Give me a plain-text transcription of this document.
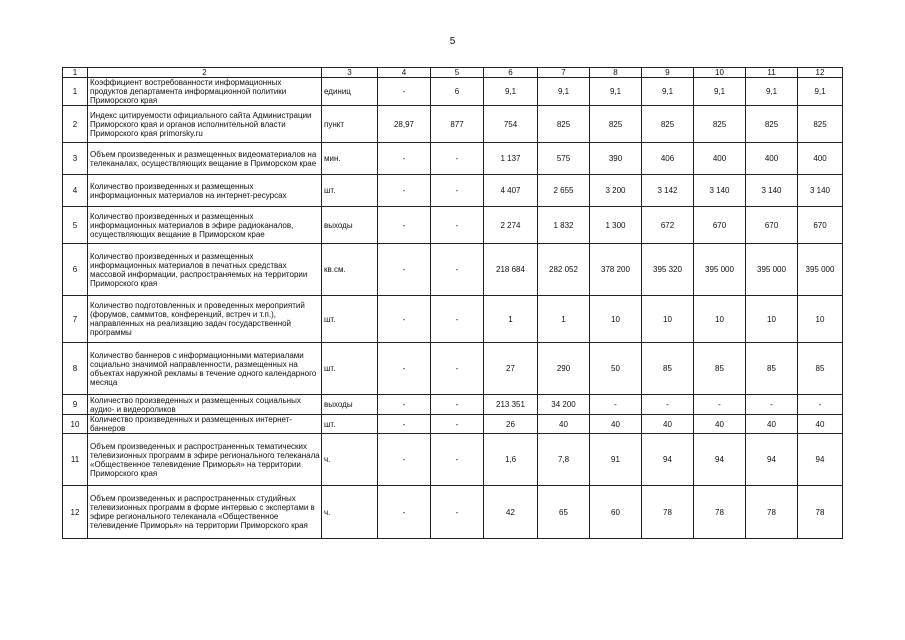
5
1	2	3	4	5	6	7	8	9	10	11	12
1	Коэффициент востребованности информационных продуктов департамента информационной политики Приморского края	единиц	-	6	9,1	9,1	9,1	9,1	9,1	9,1	9,1
2	Индекс цитируемости официального сайта Администрации Приморского края и органов исполнительной власти Приморского края primorsky.ru	пункт	28,97	877	754	825	825	825	825	825	825
3	Объем произведенных и размещенных видеоматериалов на телеканалах, осуществляющих вещание в Приморском крае	мин.	-	-	1 137	575	390	406	400	400	400
4	Количество произведенных и размещенных информационных материалов на интернет-ресурсах	шт.	-	-	4 407	2 655	3 200	3 142	3 140	3 140	3 140
5	Количество произведенных и размещенных информационных материалов в эфире радиоканалов, осуществляющих вещание в Приморском крае	выходы	-	-	2 274	1 832	1 300	672	670	670	670
6	Количество произведенных и размещенных информационных материалов в печатных средствах массовой информации, распространяемых на территории Приморского края	кв.см.	-	-	218 684	282 052	378 200	395 320	395 000	395 000	395 000
7	Количество подготовленных и проведенных мероприятий (форумов, саммитов, конференций, встреч и т.п.), направленных на реализацию задач государственной программы	шт.	-	-	1	1	10	10	10	10	10
8	Количество баннеров с информационными материалами социально значимой направленности, размещенных на объектах наружной рекламы в течение одного календарного месяца	шт.	-	-	27	290	50	85	85	85	85
9	Количество произведенных и размещенных социальных аудио- и видеороликов	выходы	-	-	213 351	34 200	-	-	-	-	-
10	Количество произведенных и размещенных интернет-баннеров	шт.	-	-	26	40	40	40	40	40	40
11	Объем произведенных и распространенных тематических телевизионных программ в эфире регионального телеканала «Общественное телевидение Приморья» на территории Приморского края	ч.	-	-	1,6	7,8	91	94	94	94	94
12	Объем произведенных и распространенных студийных телевизионных программ в форме интервью с экспертами в эфире регионального телеканала «Общественное телевидение Приморья» на территории Приморского края	ч.	-	-	42	65	60	78	78	78	78
